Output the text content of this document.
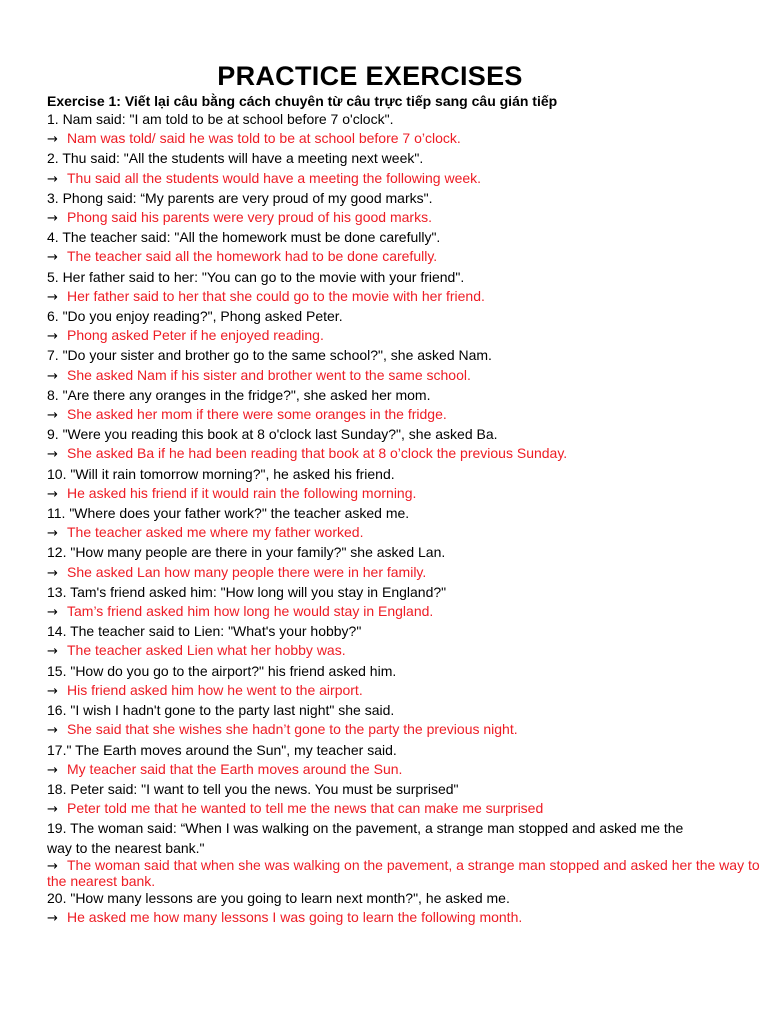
PRACTICE EXERCISES
Exercise 1: Viết lại câu bằng cách chuyên từ câu trực tiếp sang câu gián tiếp
1. Nam said: "I am told to be at school before 7 o'clock".
→ Nam was told/ said he was told to be at school before 7 o’clock.
2. Thu said: "All the students will have a meeting next week".
→ Thu said all the students would have a meeting the following week.
3. Phong said: “My parents are very proud of my good marks".
→ Phong said his parents were very proud of his good marks.
4. The teacher said: "All the homework must be done carefully".
→ The teacher said all the homework had to be done carefully.
5. Her father said to her: "You can go to the movie with your friend".
→ Her father said to her that she could go to the movie with her friend.
6. "Do you enjoy reading?", Phong asked Peter.
→ Phong asked Peter if he enjoyed reading.
7. "Do your sister and brother go to the same school?", she asked Nam.
→ She asked Nam if his sister and brother went to the same school.
8. "Are there any oranges in the fridge?", she asked her mom.
→ She asked her mom if there were some oranges in the fridge.
9. "Were you reading this book at 8 o'clock last Sunday?", she asked Ba.
→ She asked Ba if he had been reading that book at 8 o’clock the previous Sunday.
10. "Will it rain tomorrow morning?", he asked his friend.
→ He asked his friend if it would rain the following morning.
11. "Where does your father work?" the teacher asked me.
→ The teacher asked me where my father worked.
12. "How many people are there in your family?" she asked Lan.
→ She asked Lan how many people there were in her family.
13. Tam's friend asked him: "How long will you stay in England?"
→ Tam’s friend asked him how long he would stay in England.
14. The teacher said to Lien: "What's your hobby?"
→ The teacher asked Lien what her hobby was.
15. "How do you go to the airport?" his friend asked him.
→ His friend asked him how he went to the airport.
16. "I wish I hadn't gone to the party last night" she said.
→ She said that she wishes she hadn’t gone to the party the previous night.
17." The Earth moves around the Sun", my teacher said.
→ My teacher said that the Earth moves around the Sun.
18. Peter said: "I want to tell you the news. You must be surprised"
→ Peter told me that he wanted to tell me the news that can make me surprised
19. The woman said: “When I was walking on the pavement, a strange man stopped and asked me the way to the nearest bank."
→ The woman said that when she was walking on the pavement, a strange man stopped and asked her the way to the nearest bank.
20. "How many lessons are you going to learn next month?", he asked me.
→ He asked me how many lessons I was going to learn the following month.
